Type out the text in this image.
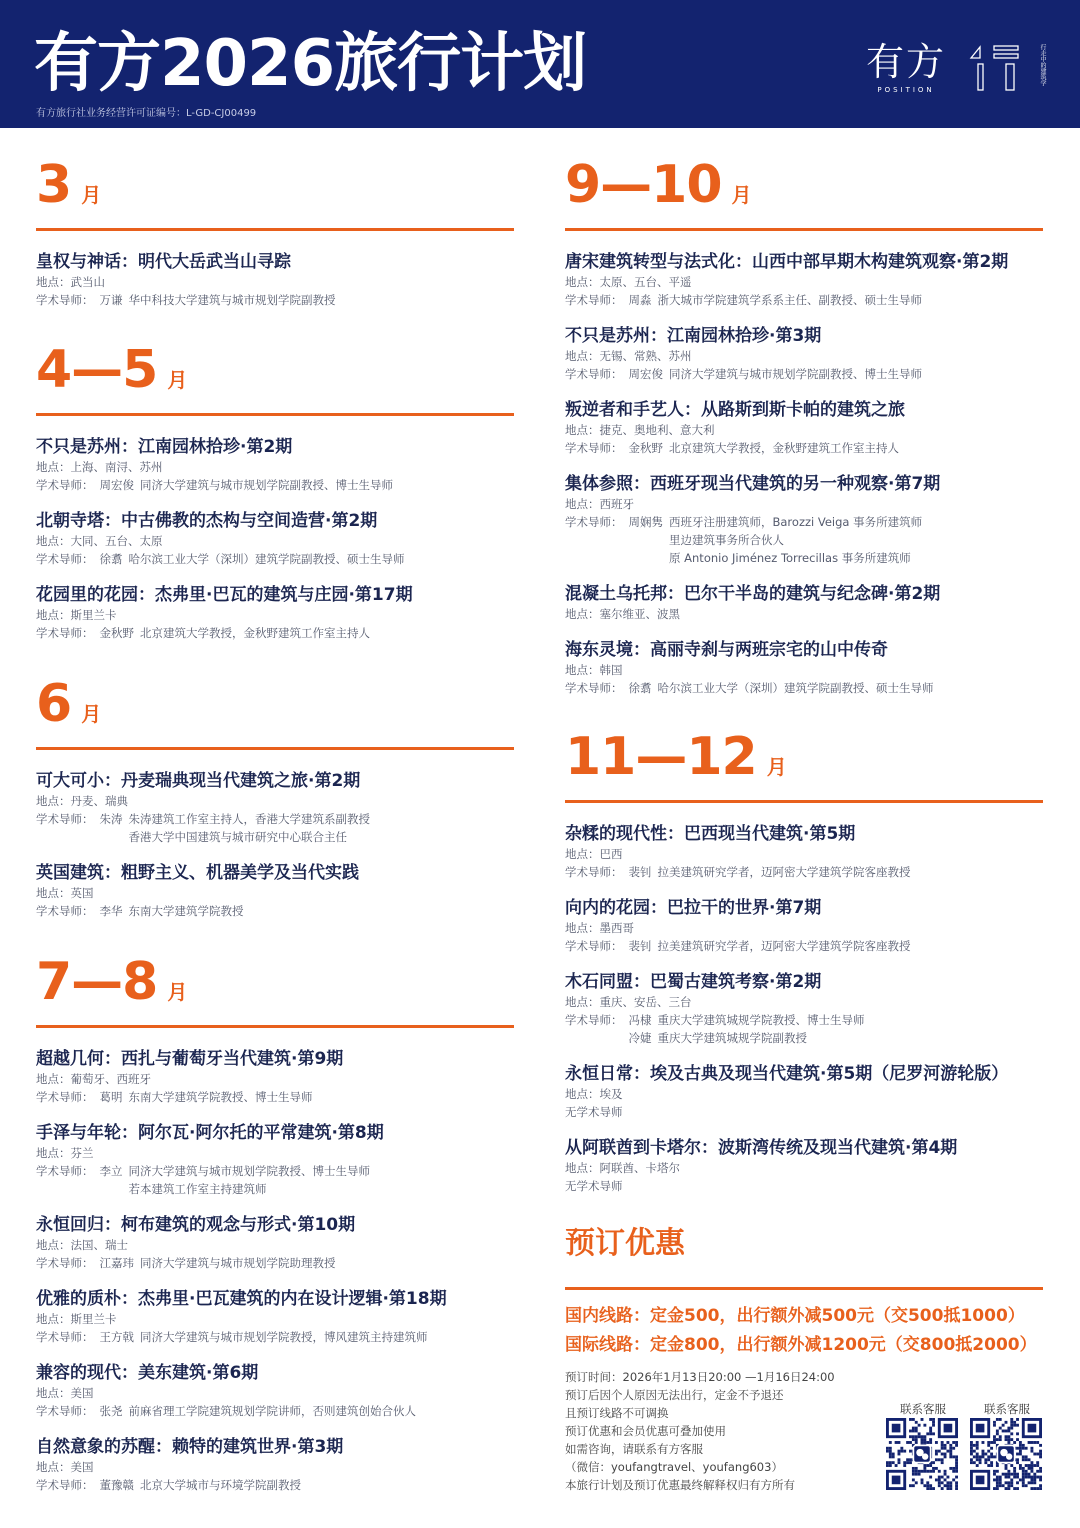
有方2026旅行计划
有方旅行社业务经营许可证编号：L-GD-CJ00499
有方
POSITION
行走中的建筑学
3 月
皇权与神话：明代大岳武当山寻踪
地点：武当山
学术导师： 万谦 华中科技大学建筑与城市规划学院副教授
4—5 月
不只是苏州：江南园林拾珍·第2期
地点：上海、南浔、苏州
学术导师： 周宏俊 同济大学建筑与城市规划学院副教授、博士生导师
北朝寺塔：中古佛教的杰构与空间造营·第2期
地点：大同、五台、太原
学术导师： 徐翥 哈尔滨工业大学（深圳）建筑学院副教授、硕士生导师
花园里的花园：杰弗里·巴瓦的建筑与庄园·第17期
地点：斯里兰卡
学术导师： 金秋野 北京建筑大学教授，金秋野建筑工作室主持人
6 月
可大可小：丹麦瑞典现当代建筑之旅·第2期
地点：丹麦、瑞典
学术导师： 朱涛 朱涛建筑工作室主持人，香港大学建筑系副教授
香港大学中国建筑与城市研究中心联合主任
英国建筑：粗野主义、机器美学及当代实践
地点：英国
学术导师： 李华 东南大学建筑学院教授
7—8 月
超越几何：西扎与葡萄牙当代建筑·第9期
地点：葡萄牙、西班牙
学术导师： 葛明 东南大学建筑学院教授、博士生导师
手泽与年轮：阿尔瓦·阿尔托的平常建筑·第8期
地点：芬兰
学术导师： 李立 同济大学建筑与城市规划学院教授、博士生导师
若本建筑工作室主持建筑师
永恒回归：柯布建筑的观念与形式·第10期
地点：法国、瑞士
学术导师： 江嘉玮 同济大学建筑与城市规划学院助理教授
优雅的质朴：杰弗里·巴瓦建筑的内在设计逻辑·第18期
地点：斯里兰卡
学术导师： 王方戟 同济大学建筑与城市规划学院教授，博风建筑主持建筑师
兼容的现代：美东建筑·第6期
地点：美国
学术导师： 张尧 前麻省理工学院建筑规划学院讲师，否则建筑创始合伙人
自然意象的苏醒：赖特的建筑世界·第3期
地点：美国
学术导师： 董豫赣 北京大学城市与环境学院副教授
9—10 月
唐宋建筑转型与法式化：山西中部早期木构建筑观察·第2期
地点：太原、五台、平遥
学术导师： 周淼 浙大城市学院建筑学系系主任、副教授、硕士生导师
不只是苏州：江南园林拾珍·第3期
地点：无锡、常熟、苏州
学术导师： 周宏俊 同济大学建筑与城市规划学院副教授、博士生导师
叛逆者和手艺人：从路斯到斯卡帕的建筑之旅
地点：捷克、奥地利、意大利
学术导师： 金秋野 北京建筑大学教授，金秋野建筑工作室主持人
集体参照：西班牙现当代建筑的另一种观察·第7期
地点：西班牙
学术导师： 周娴隽 西班牙注册建筑师，Barozzi Veiga 事务所建筑师
里边建筑事务所合伙人
原 Antonio Jiménez Torrecillas 事务所建筑师
混凝土乌托邦：巴尔干半岛的建筑与纪念碑·第2期
地点：塞尔维亚、波黑
海东灵境：高丽寺刹与两班宗宅的山中传奇
地点：韩国
学术导师： 徐翥 哈尔滨工业大学（深圳）建筑学院副教授、硕士生导师
11—12 月
杂糅的现代性：巴西现当代建筑·第5期
地点：巴西
学术导师： 裴钊 拉美建筑研究学者，迈阿密大学建筑学院客座教授
向内的花园：巴拉干的世界·第7期
地点：墨西哥
学术导师： 裴钊 拉美建筑研究学者，迈阿密大学建筑学院客座教授
木石同盟：巴蜀古建筑考察·第2期
地点：重庆、安岳、三台
学术导师： 冯棣 重庆大学建筑城规学院教授、博士生导师
冷婕 重庆大学建筑城规学院副教授
永恒日常：埃及古典及现当代建筑·第5期（尼罗河游轮版）
地点：埃及
无学术导师
从阿联酋到卡塔尔：波斯湾传统及现当代建筑·第4期
地点：阿联酋、卡塔尔
无学术导师
预订优惠
国内线路：定金500，出行额外减500元（交500抵1000）
国际线路：定金800，出行额外减1200元（交800抵2000）
预订时间：2026年1月13日20:00 —1月16日24:00
预订后因个人原因无法出行，定金不予退还
且预订线路不可调换
预订优惠和会员优惠可叠加使用
如需咨询，请联系有方客服
（微信：youfangtravel、youfang603）
本旅行计划及预订优惠最终解释权归有方所有
联系客服	联系客服
